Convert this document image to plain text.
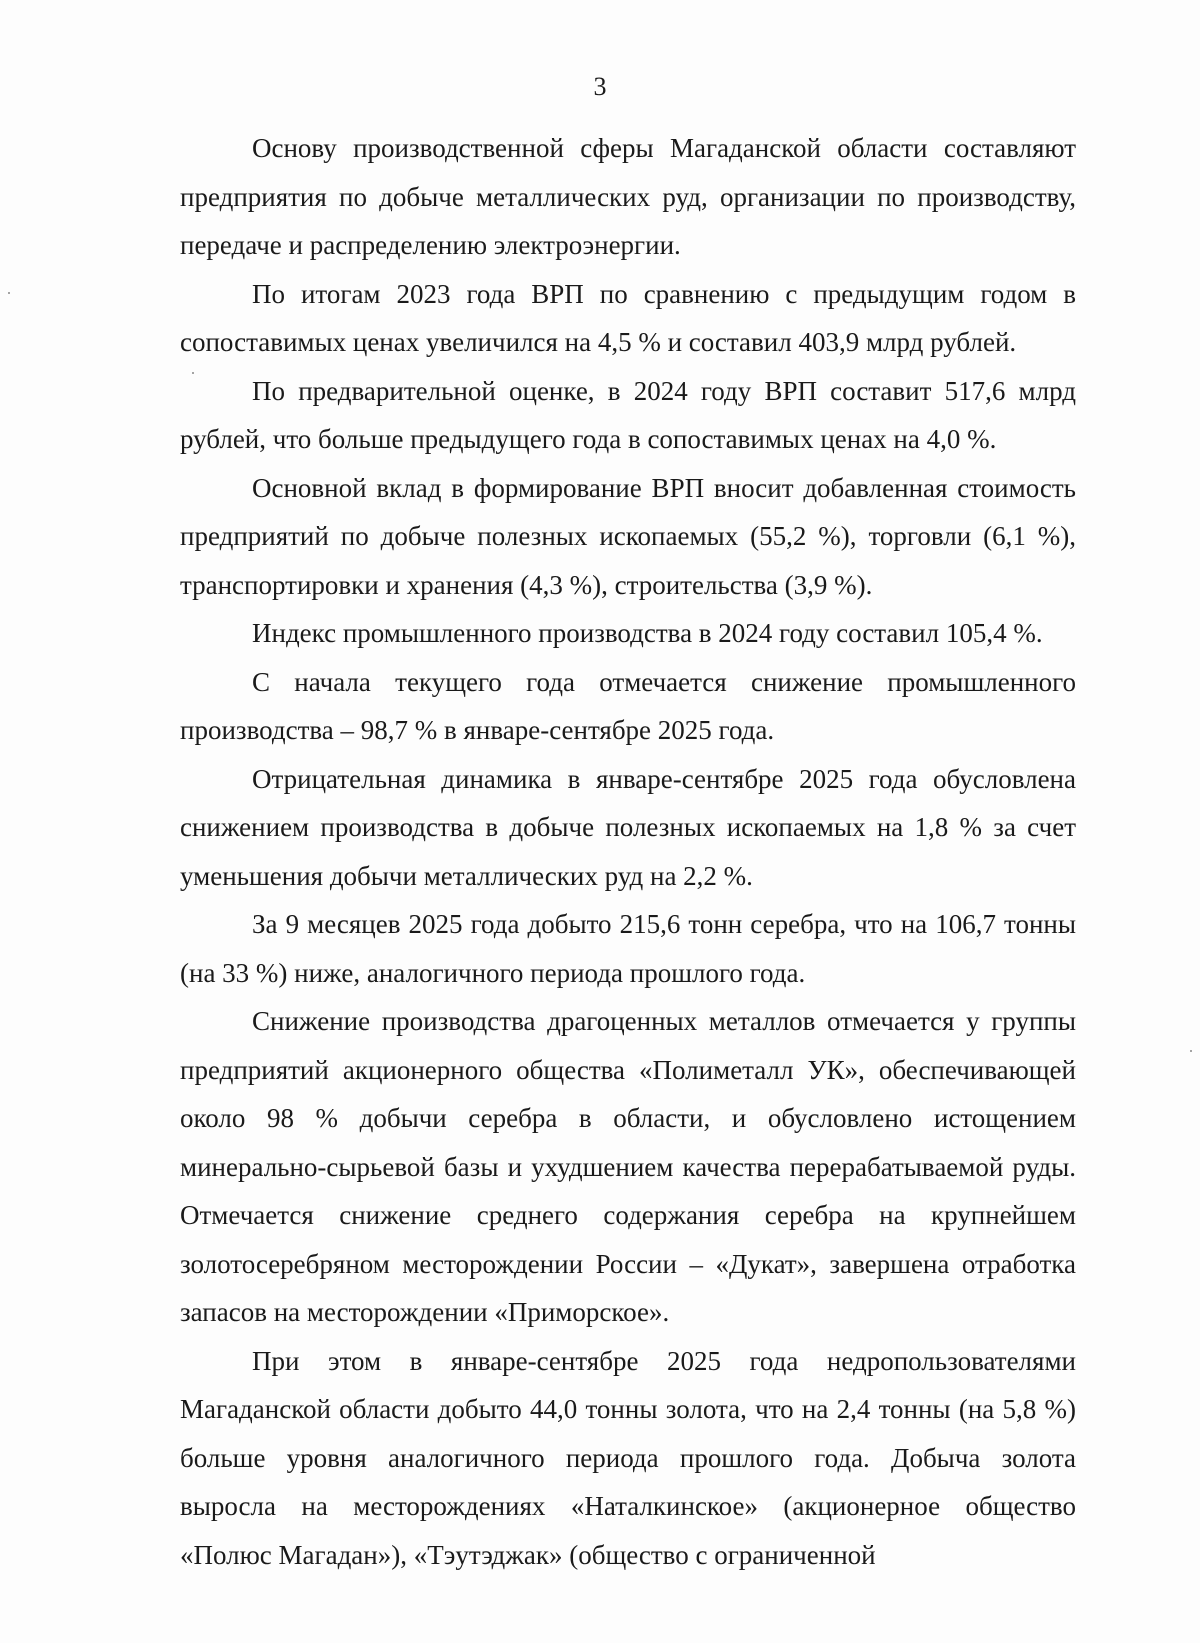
3

Основу производственной сферы Магаданской области составляют предприятия по добыче металлических руд, организации по производству, передаче и распределению электроэнергии.

По итогам 2023 года ВРП по сравнению с предыдущим годом в сопоставимых ценах увеличился на 4,5 % и составил 403,9 млрд рублей.

По предварительной оценке, в 2024 году ВРП составит 517,6 млрд рублей, что больше предыдущего года в сопоставимых ценах на 4,0 %.

Основной вклад в формирование ВРП вносит добавленная стоимость предприятий по добыче полезных ископаемых (55,2 %), торговли (6,1 %), транспортировки и хранения (4,3 %), строительства (3,9 %).

Индекс промышленного производства в 2024 году составил 105,4 %.

С начала текущего года отмечается снижение промышленного производства – 98,7 % в январе-сентябре 2025 года.

Отрицательная динамика в январе-сентябре 2025 года обусловлена снижением производства в добыче полезных ископаемых на 1,8 % за счет уменьшения добычи металлических руд на 2,2 %.

За 9 месяцев 2025 года добыто 215,6 тонн серебра, что на 106,7 тонны (на 33 %) ниже, аналогичного периода прошлого года.

Снижение производства драгоценных металлов отмечается у группы предприятий акционерного общества «Полиметалл УК», обеспечивающей около 98 % добычи серебра в области, и обусловлено истощением минерально-сырьевой базы и ухудшением качества перерабатываемой руды. Отмечается снижение среднего содержания серебра на крупнейшем золотосеребряном месторождении России – «Дукат», завершена отработка запасов на месторождении «Приморское».

При этом в январе-сентябре 2025 года недропользователями Магаданской области добыто 44,0 тонны золота, что на 2,4 тонны (на 5,8 %) больше уровня аналогичного периода прошлого года. Добыча золота выросла на месторождениях «Наталкинское» (акционерное общество «Полюс Магадан»), «Тэутэджак» (общество с ограниченной
